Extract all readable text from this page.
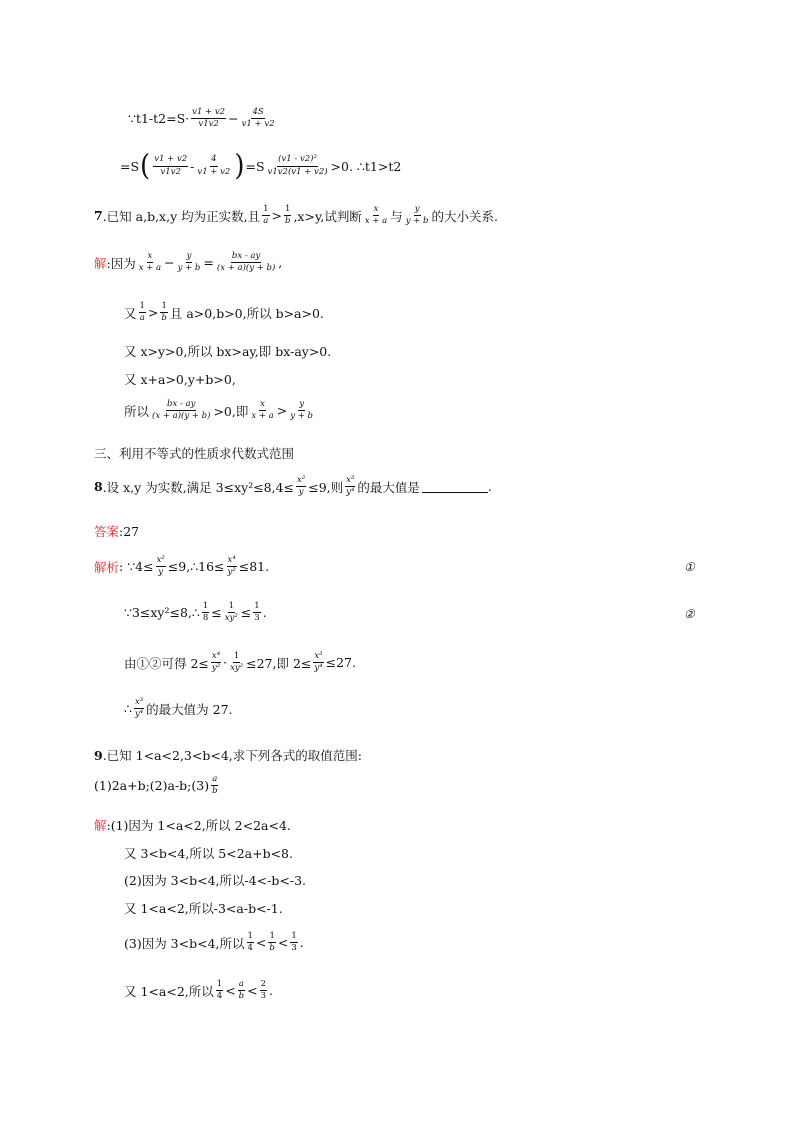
∵t1-t2=S· $\frac{v1 + v2}{v1v2} - \frac{4S}{v1 + v2}$
=S ( $\frac{v1 + v2}{v1v2} - \frac{4}{v1 + v2}$ ) $=S \frac{\text{(v1 - v2)²}}{v1v2(v1 + v2)} >0$. ∴t1>t2
7 .已知 a,b,x,y 均为正实数,且 $\frac{1}{a} > \frac{1}{b} ,x>y$,试判断 $\frac{x}{x + a}$ 与 $\frac{y}{y + b}$ 的大小关系.
解 :因为 $\frac{x}{x + a} - \frac{y}{y + b} = \frac{bx - ay}{(x + a)(y + b)}$ ,
又 $\frac{1}{a} > \frac{1}{b}$ 且 a>0,b>0,所以 b>a>0.
又 x>y>0,所以 bx>ay,即 bx-ay>0.
又 x+a>0,y+b>0,
所以 $\frac{bx - ay}{(x + a)(y + b)} >0$,即 $\frac{x}{x + a} > \frac{y}{y + b}$
三、利用不等式的性质求代数式范围
8 .设 x,y 为实数,满足 $3\le xy^2\le 8,4\le \frac{\text{x²}}{y} \le 9$,则 $\frac{\text{x³}}{\text{y⁴}}$ 的最大值是	.
答案 :27
解析 : ∵4≤ $\frac{\text{x²}}{y}$ ≤9,∴16≤ $\frac{\text{x⁴}}{\text{y²}} \le 81$.	①
∵3≤xy²≤8,∴ $\frac{1}{8} \le \frac{1}{\text{xy²}} \le \frac{1}{3}$ .	②
由①②可得 $2\le \frac{\text{x⁴}}{\text{y²}} \cdot \frac{1}{\text{xy²}} \le 27$,即 $2\le \frac{\text{x³}}{\text{y⁴}} \le 27$.
∴ $\frac{\text{x³}}{\text{y⁴}}$ 的最大值为 27.
9 .已知 1<a<2,3<b<4,求下列各式的取值范围:
(1)2a+b;(2)a-b;(3) $\frac{a}{b}$
解 :(1)因为 1<a<2,所以 2<2a<4.
又 3<b<4,所以 5<2a+b<8.
(2)因为 3<b<4,所以-4<-b<-3.
又 1<a<2,所以-3<a-b<-1.
(3)因为 3<b<4,所以 $\frac{1}{4} < \frac{1}{b} < \frac{1}{3}$ .
又 1<a<2,所以 $\frac{1}{4} < \frac{a}{b} < \frac{2}{3}$ .
